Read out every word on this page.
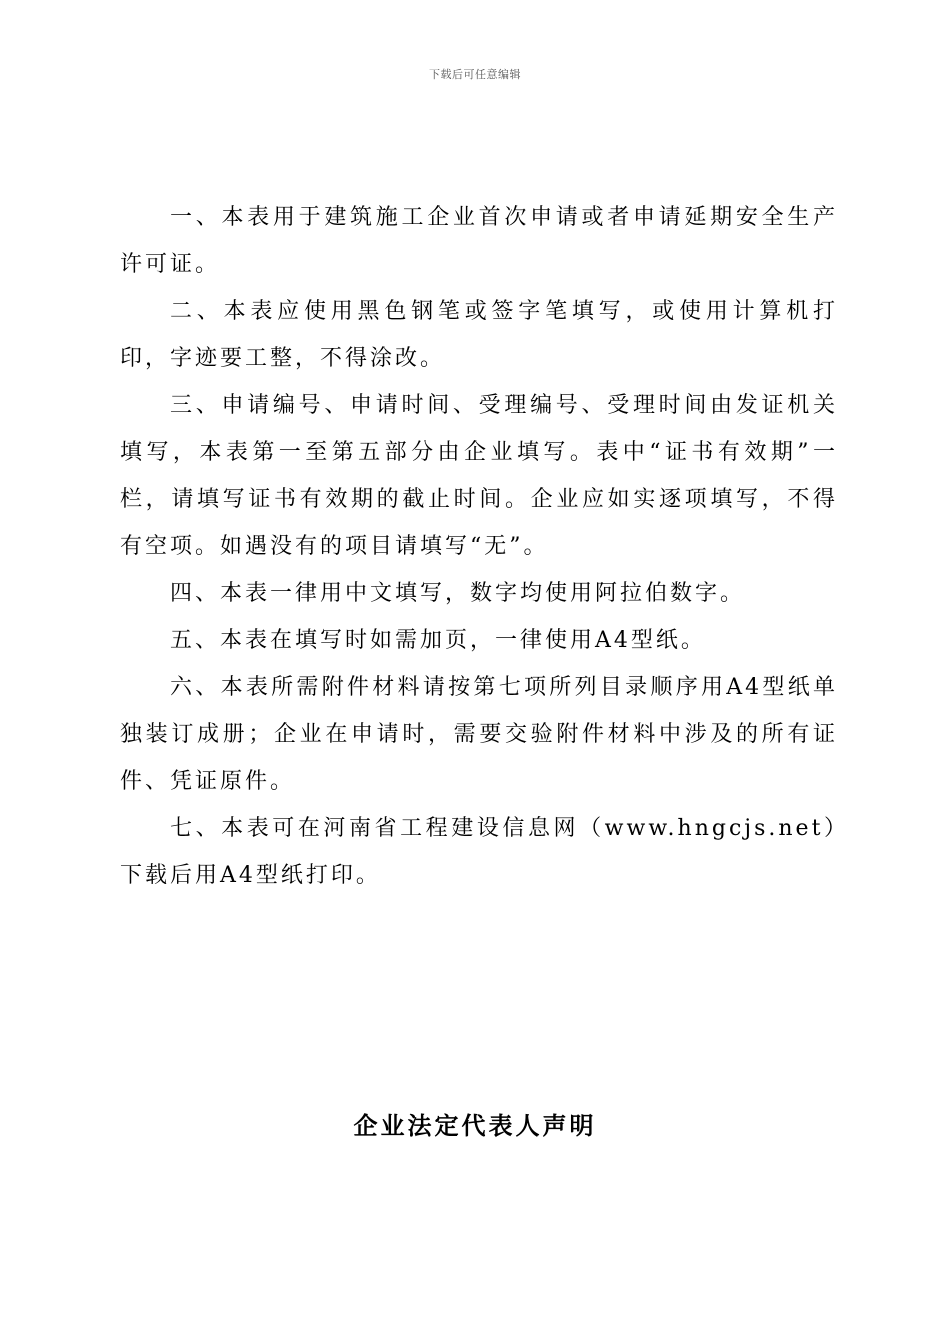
下载后可任意编辑

一、本表用于建筑施工企业首次申请或者申请延期安全生产许可证。

二、本表应使用黑色钢笔或签字笔填写，或使用计算机打印，字迹要工整，不得涂改。

三、申请编号、申请时间、受理编号、受理时间由发证机关填写，本表第一至第五部分由企业填写。表中“证书有效期”一栏，请填写证书有效期的截止时间。企业应如实逐项填写，不得有空项。如遇没有的项目请填写“无”。

四、本表一律用中文填写，数字均使用阿拉伯数字。

五、本表在填写时如需加页，一律使用A4型纸。

六、本表所需附件材料请按第七项所列目录顺序用A4型纸单独装订成册；企业在申请时，需要交验附件材料中涉及的所有证件、凭证原件。

七、本表可在河南省工程建设信息网（www.hngcjs.net）下载后用A4型纸打印。

企业法定代表人声明
